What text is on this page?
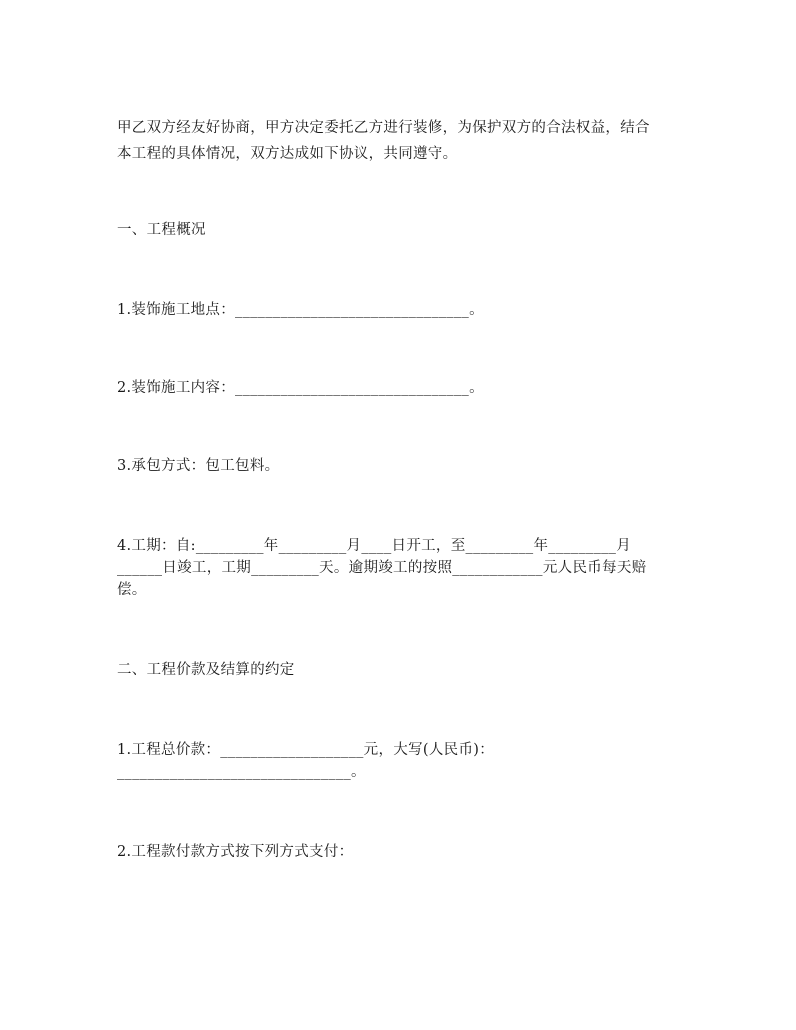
甲乙双方经友好协商，甲方决定委托乙方进行装修，为保护双方的合法权益，结合
本工程的具体情况，双方达成如下协议，共同遵守。
一、工程概况
1.装饰施工地点：_______________________________。
2.装饰施工内容：_______________________________。
3.承包方式：包工包料。
4.工期：自:_________年_________月____日开工，至_________年_________月
______日竣工，工期_________天。逾期竣工的按照____________元人民币每天赔
偿。
二、工程价款及结算的约定
1.工程总价款：___________________元，大写(人民币)：
_______________________________。
2.工程款付款方式按下列方式支付：
